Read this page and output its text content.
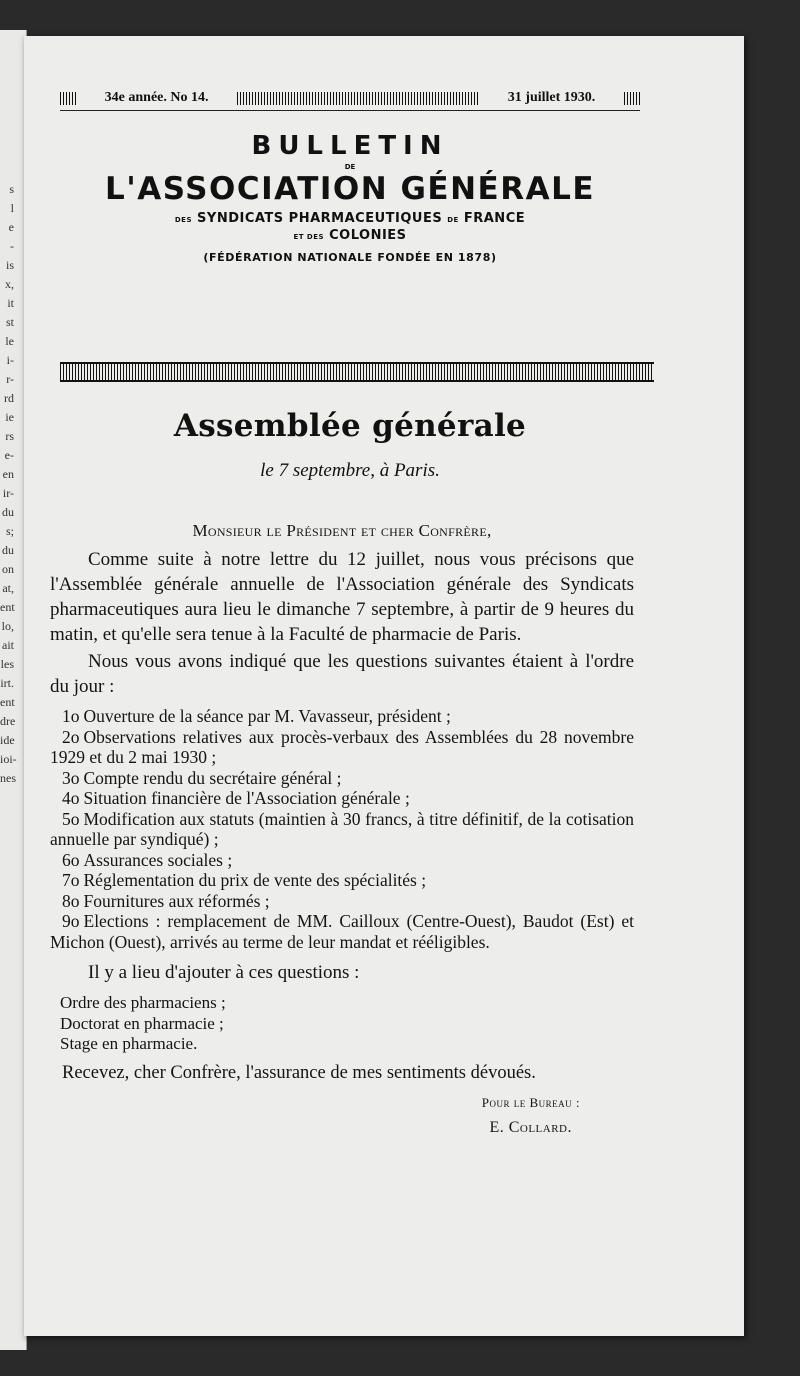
s
l
e
-
is
x,
it
st
le
i-
r-
rd
ie
rs
e-
en
ir-
du
s;
du
on
at,
ent
lo,
ait
les
irt.
ent
dre
ide
ioi-
nes
34e année. No 14.	31 juillet 1930.
BULLETIN
DE
L'ASSOCIATION GÉNÉRALE
DES SYNDICATS PHARMACEUTIQUES DE FRANCE
ET DES COLONIES
(FÉDÉRATION NATIONALE FONDÉE EN 1878)
Assemblée générale
le 7 septembre, à Paris.
Monsieur le Président et cher Confrère,

Comme suite à notre lettre du 12 juillet, nous vous précisons que l'Assemblée générale annuelle de l'Association générale des Syndicats pharmaceutiques aura lieu le dimanche 7 septembre, à partir de 9 heures du matin, et qu'elle sera tenue à la Faculté de pharmacie de Paris.

Nous vous avons indiqué que les questions suivantes étaient à l'ordre du jour :

1o Ouverture de la séance par M. Vavasseur, président ;
2o Observations relatives aux procès-verbaux des Assemblées du 28 novembre 1929 et du 2 mai 1930 ;
3o Compte rendu du secrétaire général ;
4o Situation financière de l'Association générale ;
5o Modification aux statuts (maintien à 30 francs, à titre définitif, de la cotisation annuelle par syndiqué) ;
6o Assurances sociales ;
7o Réglementation du prix de vente des spécialités ;
8o Fournitures aux réformés ;
9o Elections : remplacement de MM. Cailloux (Centre-Ouest), Baudot (Est) et Michon (Ouest), arrivés au terme de leur mandat et rééligibles.

Il y a lieu d'ajouter à ces questions :

Ordre des pharmaciens ;
Doctorat en pharmacie ;
Stage en pharmacie.

Recevez, cher Confrère, l'assurance de mes sentiments dévoués.

Pour le Bureau :
E. Collard.
